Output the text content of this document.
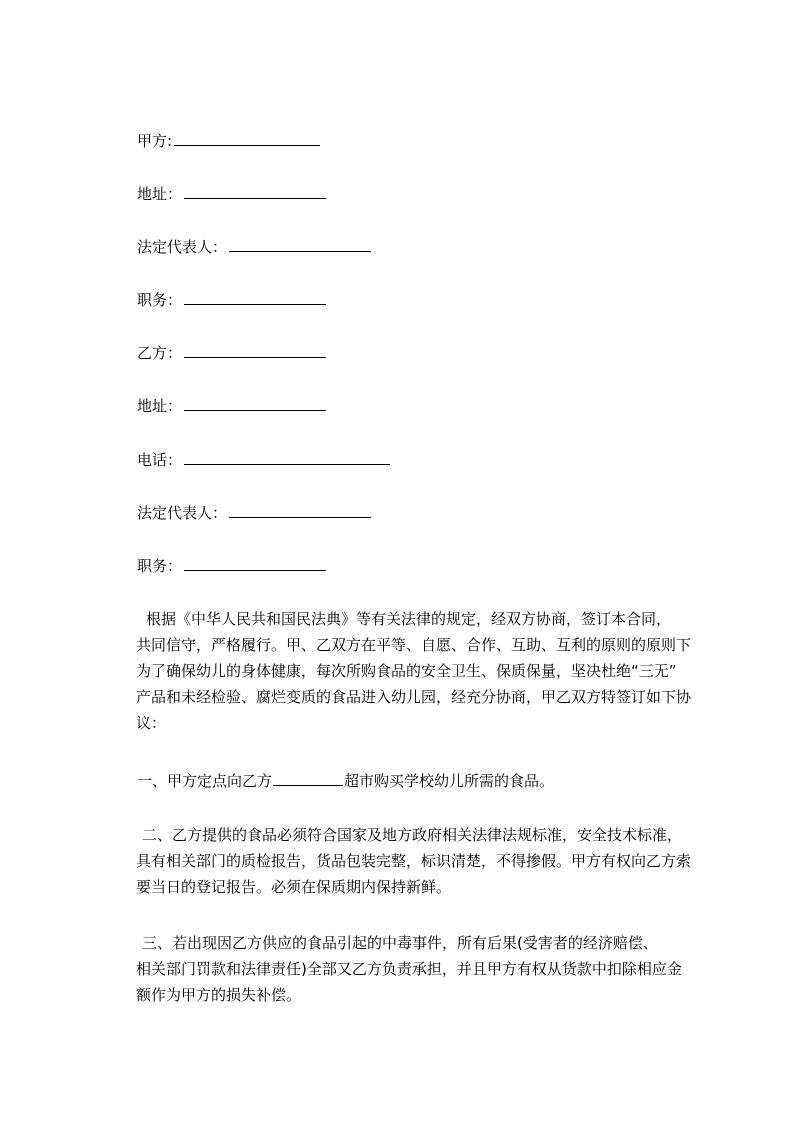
甲方:
地址：
法定代表人：
职务：
乙方：
地址：
电话：
法定代表人：
职务：
根据《中华人民共和国民法典》等有关法律的规定，经双方协商，签订本合同，
共同信守，严格履行。甲、乙双方在平等、自愿、合作、互助、互利的原则的原则下
为了确保幼儿的身体健康，每次所购食品的安全卫生、保质保量，坚决杜绝“三无”
产品和未经检验、腐烂变质的食品进入幼儿园，经充分协商，甲乙双方特签订如下协
议：
一、甲方定点向乙方	超市购买学校幼儿所需的食品。
二、乙方提供的食品必须符合国家及地方政府相关法律法规标准，安全技术标准，
具有相关部门的质检报告，货品包装完整，标识清楚，不得掺假。甲方有权向乙方索
要当日的登记报告。必须在保质期内保持新鲜。
三、若出现因乙方供应的食品引起的中毒事件，所有后果(受害者的经济赔偿、
相关部门罚款和法律责任)全部又乙方负责承担，并且甲方有权从货款中扣除相应金
额作为甲方的损失补偿。
